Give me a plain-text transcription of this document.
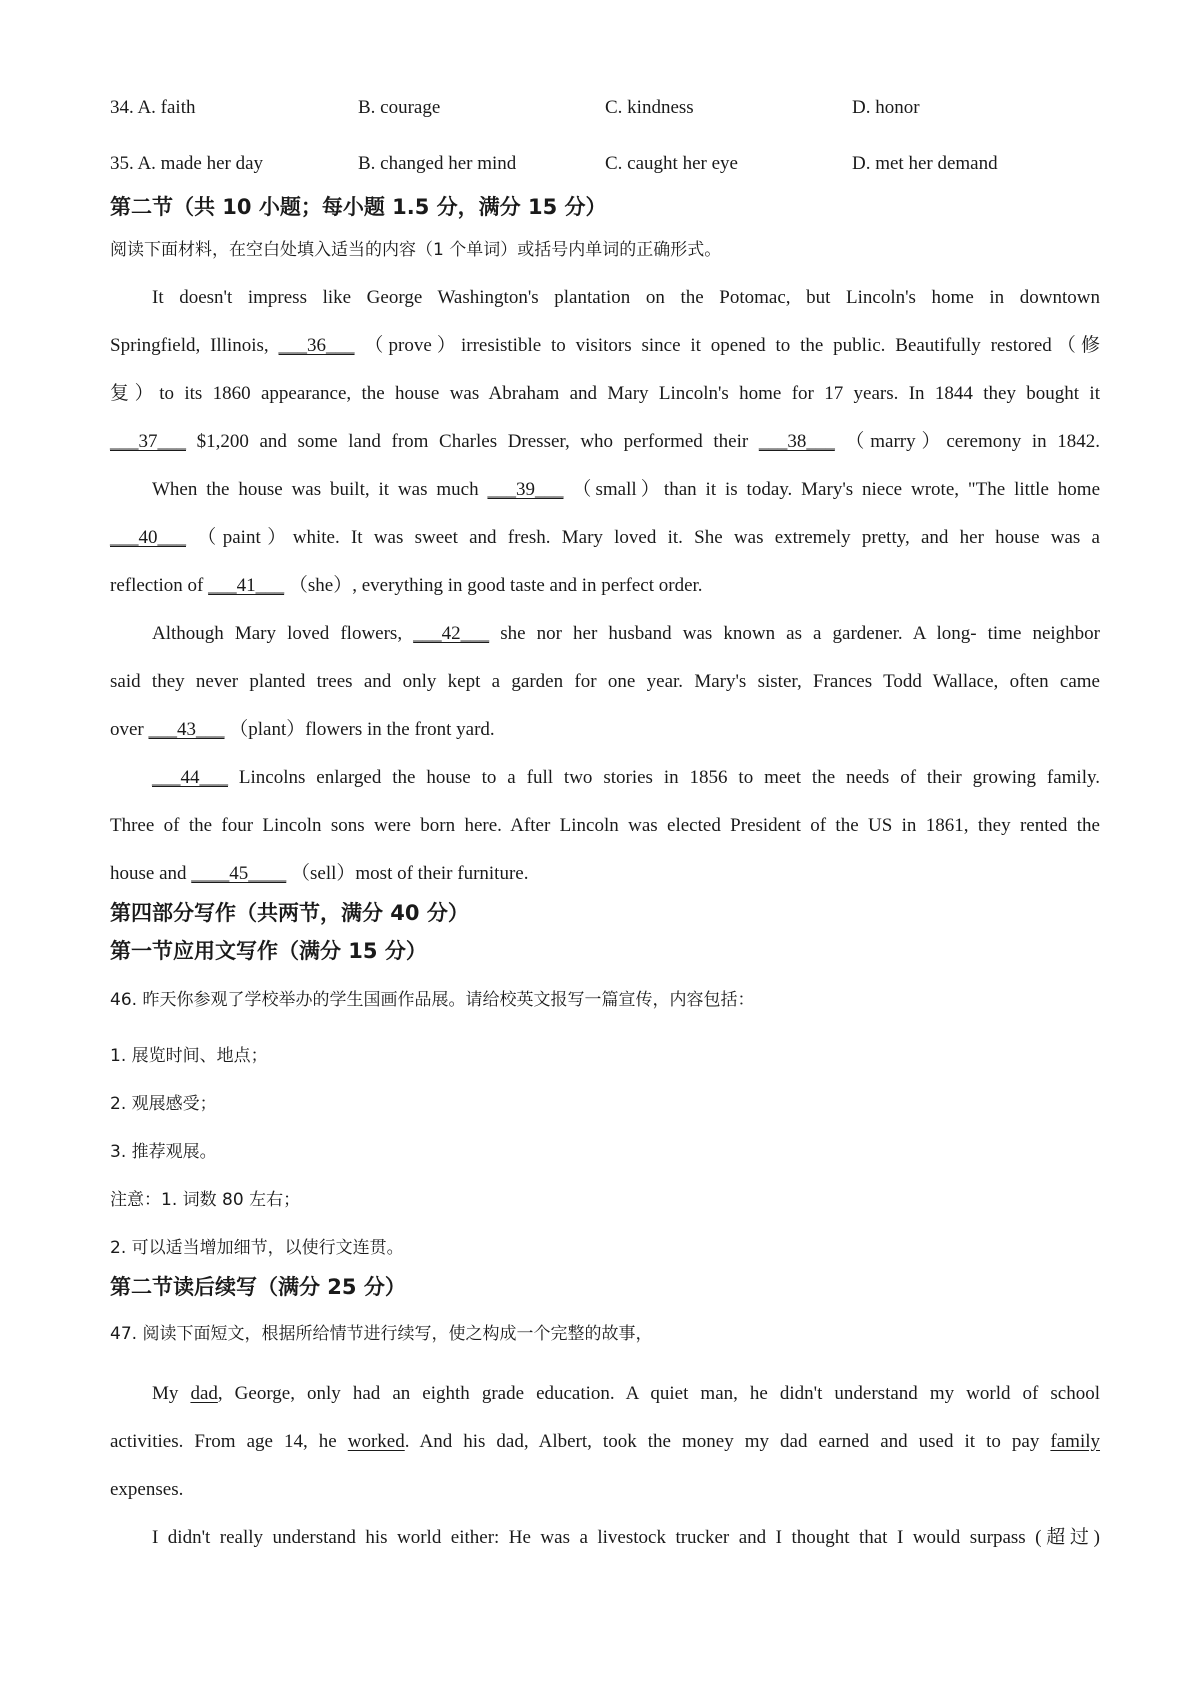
34. A. faith	B. courage	C. kindness	D. honor
35. A. made her day	B. changed her mind	C. caught her eye	D. met her demand
第二节（共 10 小题；每小题 1.5 分，满分 15 分）
阅读下面材料，在空白处填入适当的内容（1 个单词）或括号内单词的正确形式。
It doesn't impress like George Washington's plantation on the Potomac, but Lincoln's home in downtown
Springfield, Illinois, ___36___ （prove）irresistible to visitors since it opened to the public. Beautifully restored（修
复）to its 1860 appearance, the house was Abraham and Mary Lincoln's home for 17 years. In 1844 they bought it
___37___ $1,200 and some land from Charles Dresser, who performed their ___38___ （marry）ceremony in 1842.
When the house was built, it was much ___39___ （small）than it is today. Mary's niece wrote, "The little home
___40___ （paint）white. It was sweet and fresh. Mary loved it. She was extremely pretty, and her house was a
reflection of ___41___ （she）, everything in good taste and in perfect order.
Although Mary loved flowers, ___42___ she nor her husband was known as a gardener. A long- time neighbor
said they never planted trees and only kept a garden for one year. Mary's sister, Frances Todd Wallace, often came
over ___43___ （plant）flowers in the front yard.
___44___ Lincolns enlarged the house to a full two stories in 1856 to meet the needs of their growing family.
Three of the four Lincoln sons were born here. After Lincoln was elected President of the US in 1861, they rented the
house and ____45____ （sell）most of their furniture.
第四部分写作（共两节，满分 40 分）
第一节应用文写作（满分 15 分）
46. 昨天你参观了学校举办的学生国画作品展。请给校英文报写一篇宣传，内容包括：
1. 展览时间、地点；
2. 观展感受；
3. 推荐观展。
注意：1. 词数 80 左右；
2. 可以适当增加细节，以使行文连贯。
第二节读后续写（满分 25 分）
47. 阅读下面短文，根据所给情节进行续写，使之构成一个完整的故事，
My dad, George, only had an eighth grade education. A quiet man, he didn't understand my world of school
activities. From age 14, he worked. And his dad, Albert, took the money my dad earned and used it to pay family
expenses.
I didn't really understand his world either: He was a livestock trucker and I thought that I would surpass (超过)
